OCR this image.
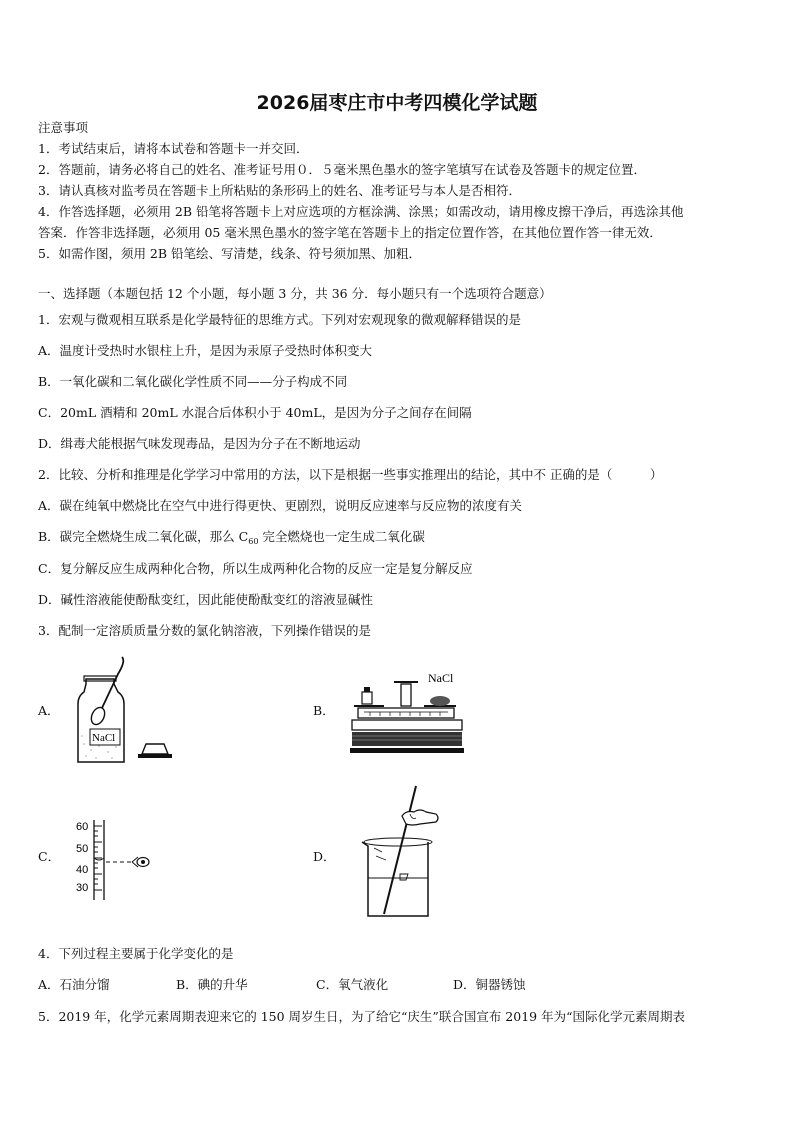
2026届枣庄市中考四模化学试题
注意事项
1．考试结束后，请将本试卷和答题卡一并交回．
2．答题前，请务必将自己的姓名、准考证号用０．５毫米黑色墨水的签字笔填写在试卷及答题卡的规定位置．
3．请认真核对监考员在答题卡上所粘贴的条形码上的姓名、准考证号与本人是否相符．
4．作答选择题，必须用 2B 铅笔将答题卡上对应选项的方框涂满、涂黑；如需改动，请用橡皮擦干净后，再选涂其他
答案．作答非选择题，必须用 05 毫米黑色墨水的签字笔在答题卡上的指定位置作答，在其他位置作答一律无效．
5．如需作图，须用 2B 铅笔绘、写清楚，线条、符号须加黑、加粗．
一、选择题（本题包括 12 个小题，每小题 3 分，共 36 分．每小题只有一个选项符合题意）
1．宏观与微观相互联系是化学最特征的思维方式。下列对宏观现象的微观解释错误的是
A．温度计受热时水银柱上升，是因为汞原子受热时体积变大
B．一氧化碳和二氧化碳化学性质不同——分子构成不同
C．20mL 酒精和 20mL 水混合后体积小于 40mL，是因为分子之间存在间隔
D．缉毒犬能根据气味发现毒品，是因为分子在不断地运动
2．比较、分析和推理是化学学习中常用的方法，以下是根据一些事实推理出的结论，其中不 正确的是（　　　）
A．碳在纯氧中燃烧比在空气中进行得更快、更剧烈，说明反应速率与反应物的浓度有关
B．碳完全燃烧生成二氧化碳，那么 $C_{60}$ 完全燃烧也一定生成二氧化碳
C．复分解反应生成两种化合物，所以生成两种化合物的反应一定是复分解反应
D．碱性溶液能使酚酞变红，因此能使酚酞变红的溶液显碱性
3．配制一定溶质质量分数的氯化钠溶液，下列操作错误的是
A．	B．
C．	D．
NaCl
NaCl
60
50
40
30
4．下列过程主要属于化学变化的是
A．石油分馏	B．碘的升华	C．氧气液化	D．铜器锈蚀
5．2019 年，化学元素周期表迎来它的 150 周岁生日，为了给它“庆生”联合国宣布 2019 年为“国际化学元素周期表
